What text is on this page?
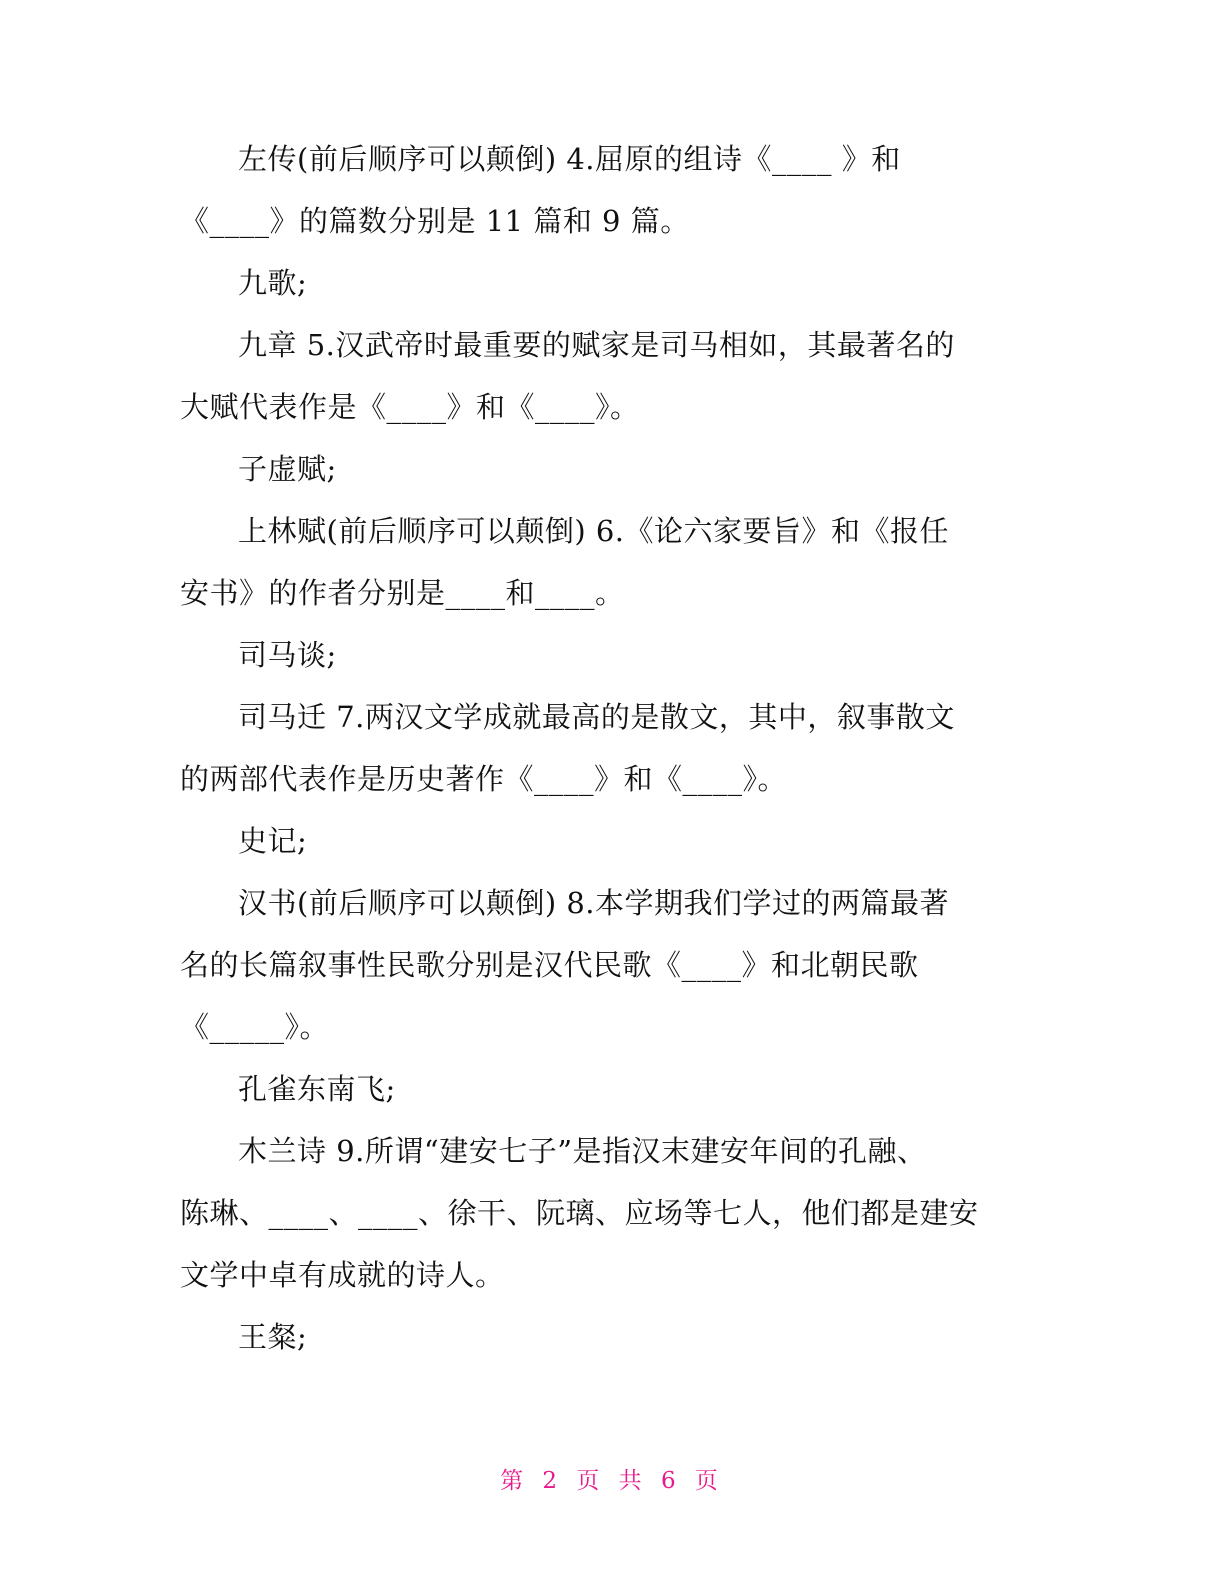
左传(前后顺序可以颠倒) 4.屈原的组诗《____ 》和
《____》的篇数分别是 11 篇和 9 篇。
九歌;
九章 5.汉武帝时最重要的赋家是司马相如，其最著名的
大赋代表作是《____》和《____》。
子虚赋;
上林赋(前后顺序可以颠倒) 6.《论六家要旨》和《报任
安书》的作者分别是____和____。
司马谈;
司马迁 7.两汉文学成就最高的是散文，其中，叙事散文
的两部代表作是历史著作《____》和《____》。
史记;
汉书(前后顺序可以颠倒) 8.本学期我们学过的两篇最著
名的长篇叙事性民歌分别是汉代民歌《____》和北朝民歌
《_____》。
孔雀东南飞;
木兰诗 9.所谓“建安七子”是指汉末建安年间的孔融、
陈琳、____、____、徐干、阮璃、应场等七人，他们都是建安
文学中卓有成就的诗人。
王粲;
第 2 页 共 6 页
